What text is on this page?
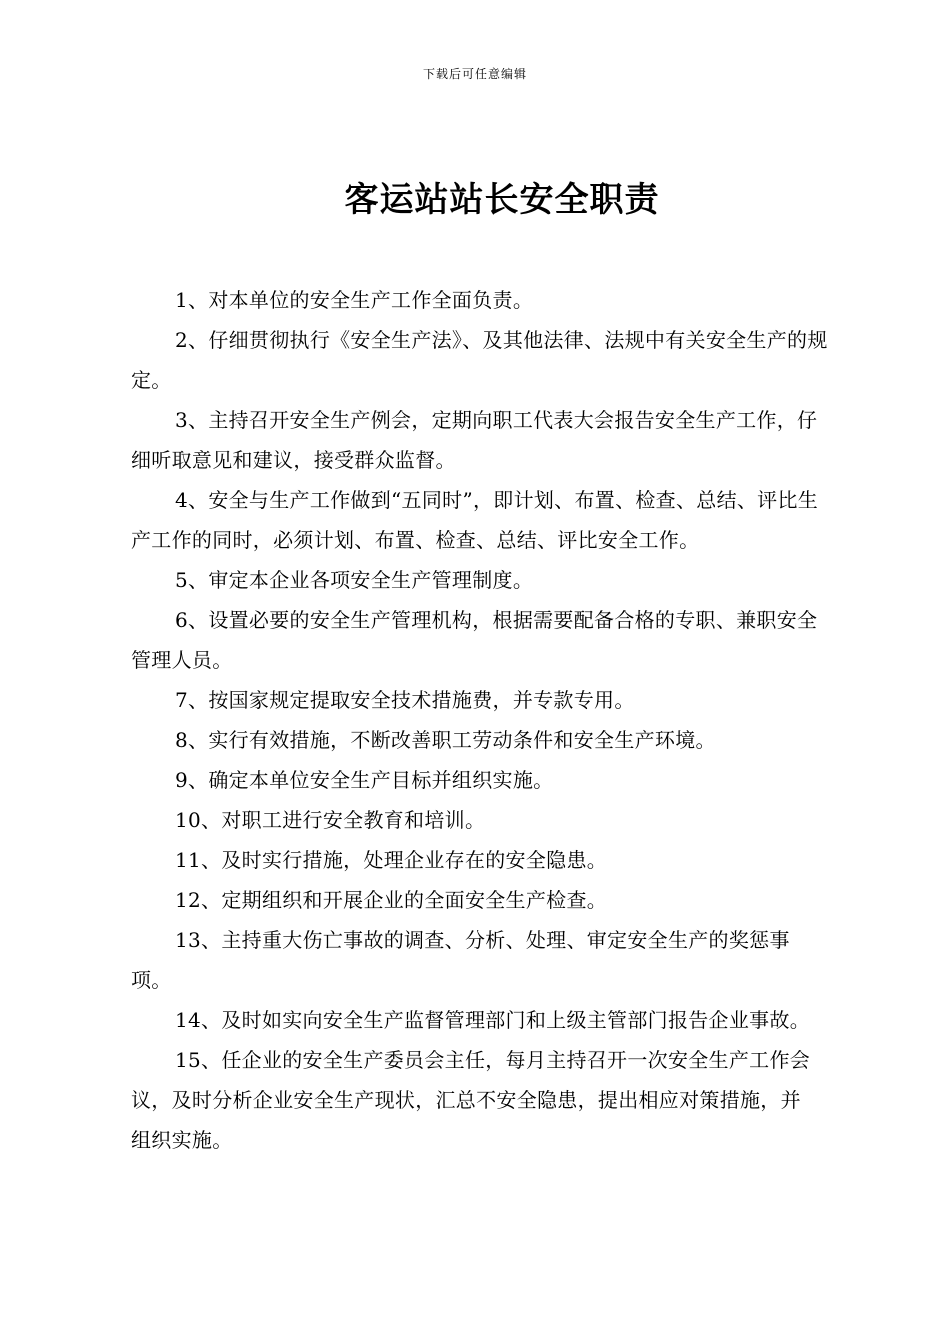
下载后可任意编辑
客运站站长安全职责

1、对本单位的安全生产工作全面负责。

2、仔细贯彻执行《安全生产法》、及其他法律、法规中有关安全生产的规定。

3、主持召开安全生产例会，定期向职工代表大会报告安全生产工作，仔细听取意见和建议，接受群众监督。

4、安全与生产工作做到“五同时”，即计划、布置、检查、总结、评比生产工作的同时，必须计划、布置、检查、总结、评比安全工作。

5、审定本企业各项安全生产管理制度。

6、设置必要的安全生产管理机构，根据需要配备合格的专职、兼职安全管理人员。

7、按国家规定提取安全技术措施费，并专款专用。

8、实行有效措施，不断改善职工劳动条件和安全生产环境。

9、确定本单位安全生产目标并组织实施。

10、对职工进行安全教育和培训。

11、及时实行措施，处理企业存在的安全隐患。

12、定期组织和开展企业的全面安全生产检查。

13、主持重大伤亡事故的调查、分析、处理、审定安全生产的奖惩事项。

14、及时如实向安全生产监督管理部门和上级主管部门报告企业事故。

15、任企业的安全生产委员会主任，每月主持召开一次安全生产工作会议，及时分析企业安全生产现状，汇总不安全隐患，提出相应对策措施，并组织实施。
